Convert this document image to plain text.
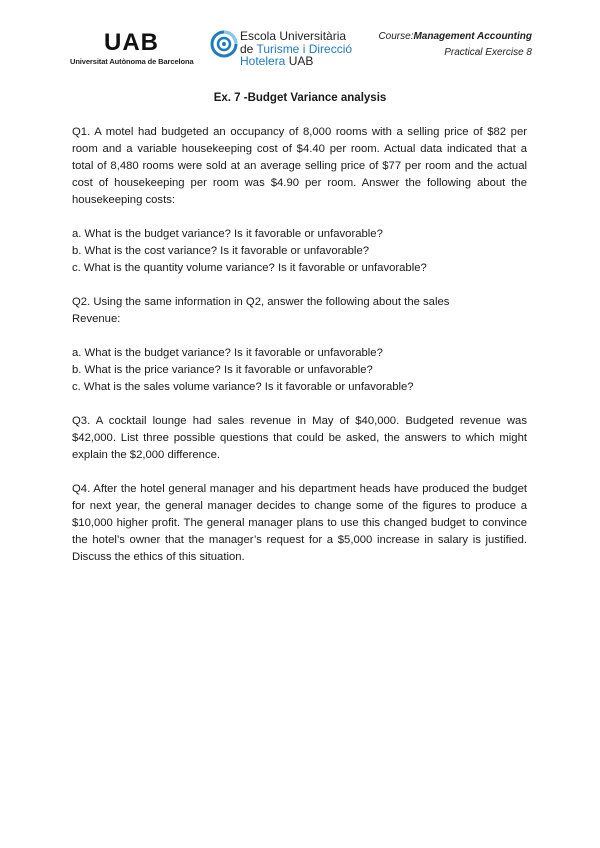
UAB
Universitat Autònoma de Barcelona
Escola Universitària
de Turisme i Direcció
Hotelera UAB
Course:Management Accounting
Practical Exercise 8
Ex. 7 -Budget Variance analysis

Q1. A motel had budgeted an occupancy of 8,000 rooms with a selling price of $82 per room and a variable housekeeping cost of $4.40 per room. Actual data indicated that a total of 8,480 rooms were sold at an average selling price of $77 per room and the actual cost of housekeeping per room was $4.90 per room. Answer the following about the housekeeping costs:

a. What is the budget variance? Is it favorable or unfavorable?

b. What is the cost variance? Is it favorable or unfavorable?

c. What is the quantity volume variance? Is it favorable or unfavorable?

Q2. Using the same information in Q2, answer the following about the sales

Revenue:

a. What is the budget variance? Is it favorable or unfavorable?

b. What is the price variance? Is it favorable or unfavorable?

c. What is the sales volume variance? Is it favorable or unfavorable?

Q3. A cocktail lounge had sales revenue in May of $40,000. Budgeted revenue was $42,000. List three possible questions that could be asked, the answers to which might explain the $2,000 difference.

Q4. After the hotel general manager and his department heads have produced the budget for next year, the general manager decides to change some of the figures to produce a $10,000 higher profit. The general manager plans to use this changed budget to convince the hotel’s owner that the manager’s request for a $5,000 increase in salary is justified. Discuss the ethics of this situation.
